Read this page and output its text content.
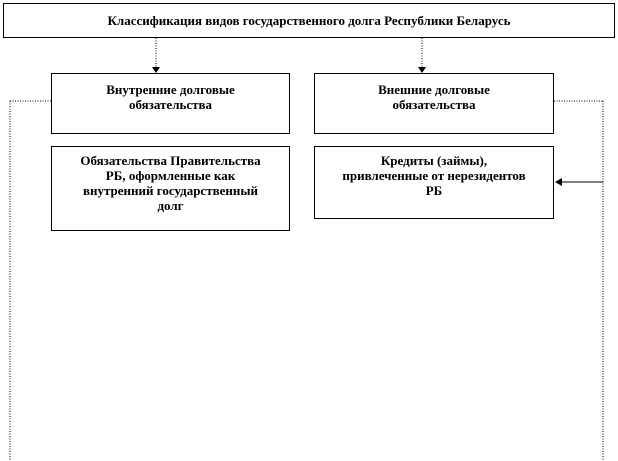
Классификация видов государственного долга Республики Беларусь
Внутренние долговые
обязательства
Внешние долговые
обязательства
Обязательства Правительства
РБ, оформленные как
внутренний государственный
долг
Кредиты (займы),
привлеченные от нерезидентов
РБ
